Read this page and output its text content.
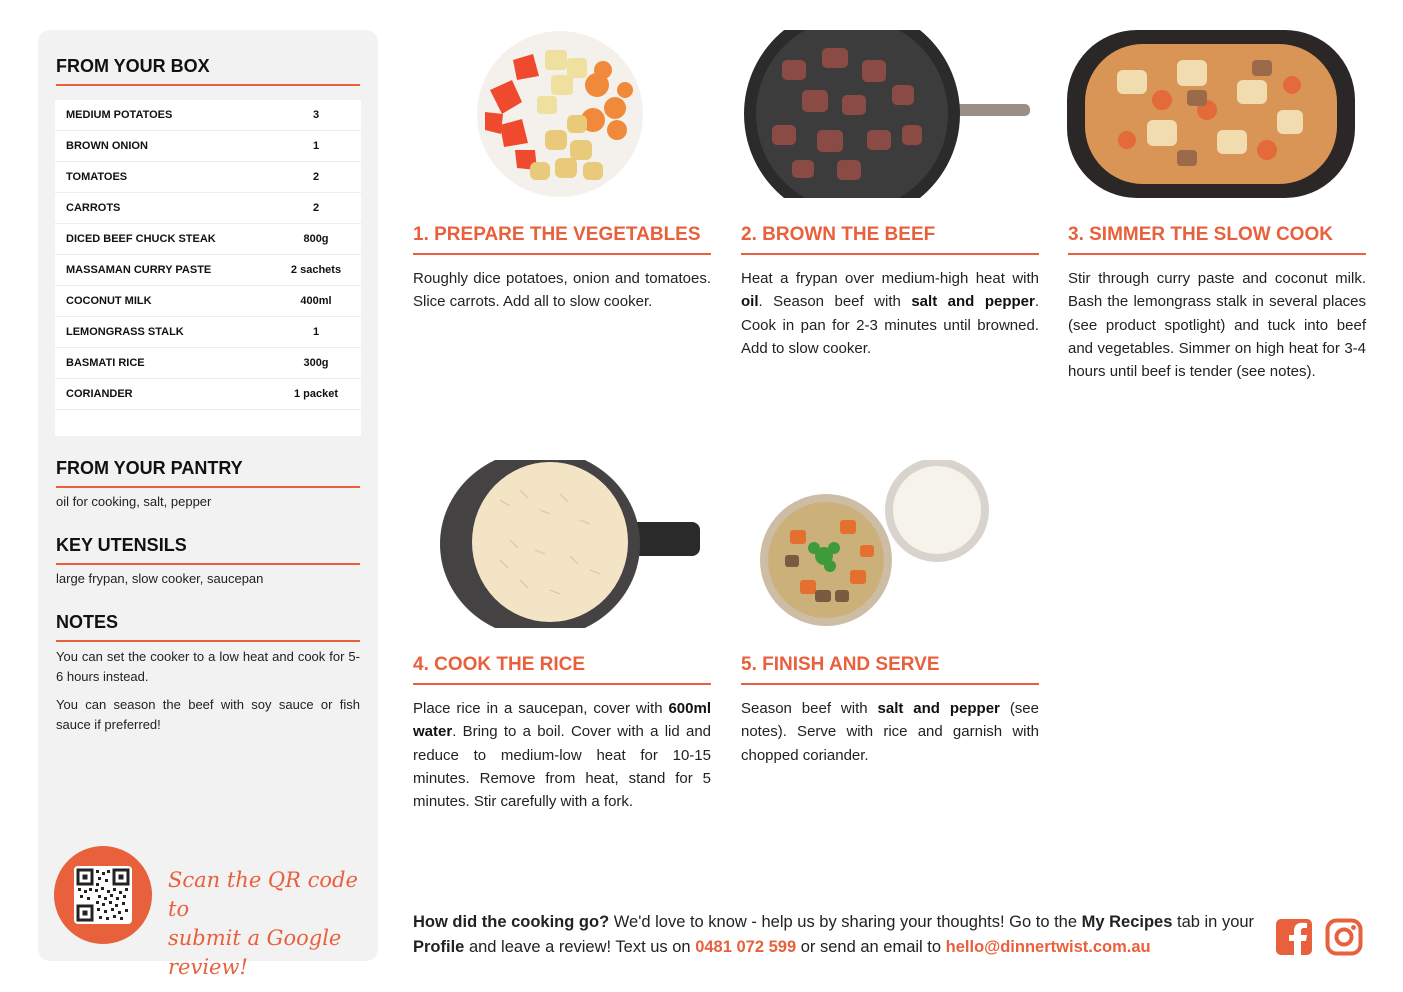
FROM YOUR BOX
MEDIUM POTATOES	3
BROWN ONION	1
TOMATOES	2
CARROTS	2
DICED BEEF CHUCK STEAK	800g
MASSAMAN CURRY PASTE	2 sachets
COCONUT MILK	400ml
LEMONGRASS STALK	1
BASMATI RICE	300g
CORIANDER	1 packet
FROM YOUR PANTRY
oil for cooking, salt, pepper
KEY UTENSILS
large frypan, slow cooker, saucepan
NOTES

You can set the cooker to a low heat and cook for 5-6 hours instead.

You can season the beef with soy sauce or fish sauce if preferred!

Scan the QR code to
submit a Google review!
1. PREPARE THE VEGETABLES
Roughly dice potatoes, onion and tomatoes. Slice carrots. Add all to slow cooker.
2. BROWN THE BEEF
Heat a frypan over medium-high heat with oil. Season beef with salt and pepper. Cook in pan for 2-3 minutes until browned. Add to slow cooker.
3. SIMMER THE SLOW COOK
Stir through curry paste and coconut milk. Bash the lemongrass stalk in several places (see product spotlight) and tuck into beef and vegetables. Simmer on high heat for 3-4 hours until beef is tender (see notes).
4. COOK THE RICE
Place rice in a saucepan, cover with 600ml water. Bring to a boil. Cover with a lid and reduce to medium-low heat for 10-15 minutes. Remove from heat, stand for 5 minutes. Stir carefully with a fork.
5. FINISH AND SERVE
Season beef with salt and pepper (see notes). Serve with rice and garnish with chopped coriander.
How did the cooking go? We'd love to know - help us by sharing your thoughts! Go to the My Recipes tab in your Profile and leave a review! Text us on 0481 072 599 or send an email to hello@dinnertwist.com.au
